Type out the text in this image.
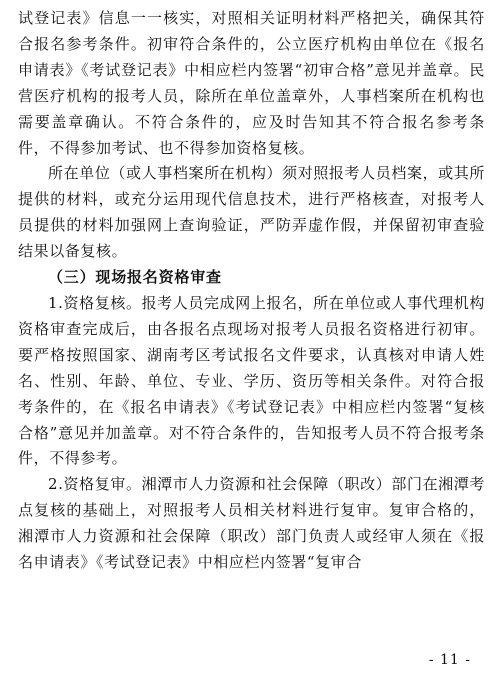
试登记表》信息一一核实，对照相关证明材料严格把关，确保其符合报名参考条件。初审符合条件的，公立医疗机构由单位在《报名申请表》《考试登记表》中相应栏内签署“初审合格”意见并盖章。民营医疗机构的报考人员，除所在单位盖章外，人事档案所在机构也需要盖章确认。不符合条件的，应及时告知其不符合报名参考条件，不得参加考试、也不得参加资格复核。

所在单位（或人事档案所在机构）须对照报考人员档案，或其所提供的材料，或充分运用现代信息技术，进行严格核查，对报考人员提供的材料加强网上查询验证，严防弄虚作假，并保留初审查验结果以备复核。

（三）现场报名资格审查

1.资格复核。报考人员完成网上报名，所在单位或人事代理机构资格审查完成后，由各报名点现场对报考人员报名资格进行初审。要严格按照国家、湖南考区考试报名文件要求，认真核对申请人姓名、性别、年龄、单位、专业、学历、资历等相关条件。对符合报考条件的，在《报名申请表》《考试登记表》中相应栏内签署“复核合格”意见并加盖章。对不符合条件的，告知报考人员不符合报考条件，不得参考。

2.资格复审。湘潭市人力资源和社会保障（职改）部门在湘潭考点复核的基础上，对照报考人员相关材料进行复审。复审合格的，湘潭市人力资源和社会保障（职改）部门负责人或经审人须在《报名申请表》《考试登记表》中相应栏内签署“复审合

- 11 -
